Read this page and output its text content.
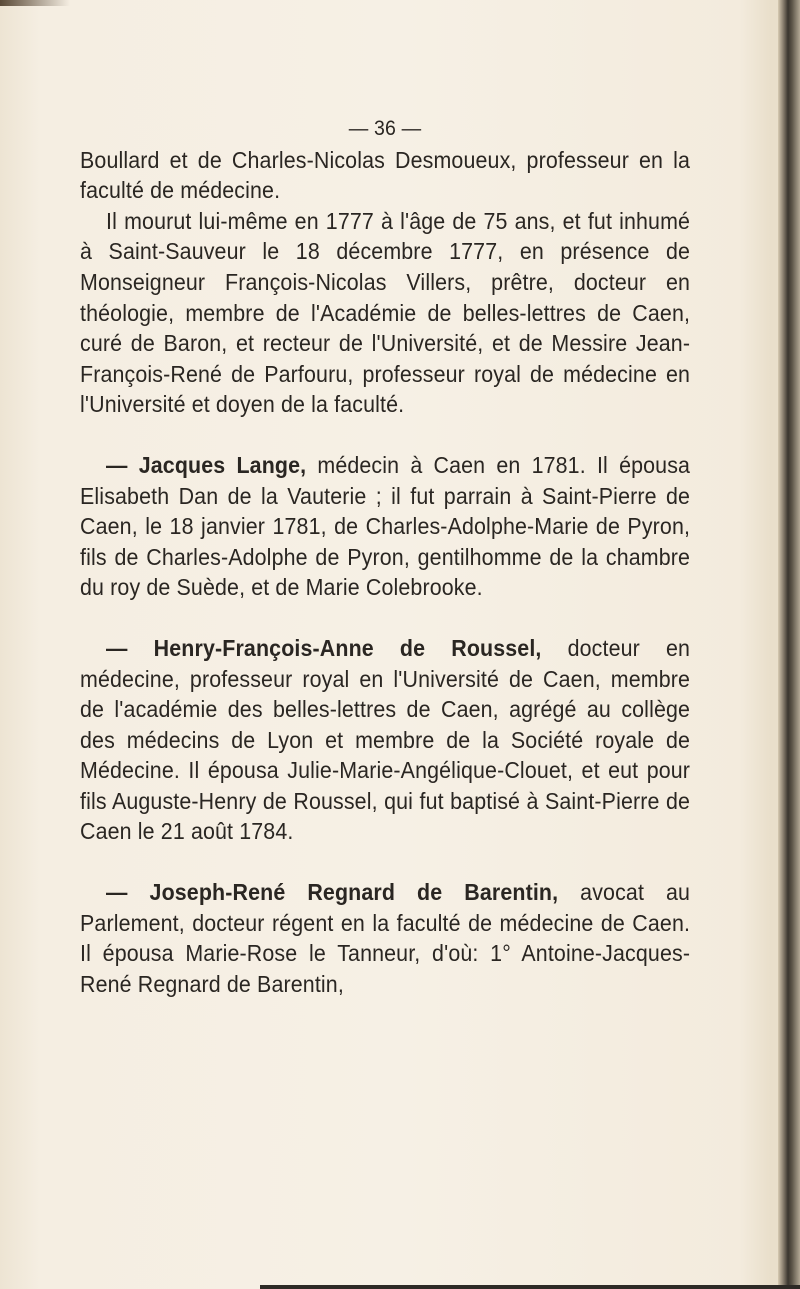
— 36 —

Boullard et de Charles-Nicolas Desmoueux, professeur en la faculté de médecine.

Il mourut lui-même en 1777 à l'âge de 75 ans, et fut inhumé à Saint-Sauveur le 18 décembre 1777, en présence de Monseigneur François-Nicolas Villers, prêtre, docteur en théologie, membre de l'Académie de belles-lettres de Caen, curé de Baron, et recteur de l'Université, et de Messire Jean-François-René de Parfouru, professeur royal de médecine en l'Université et doyen de la faculté.

— Jacques Lange, médecin à Caen en 1781. Il épousa Elisabeth Dan de la Vauterie ; il fut parrain à Saint-Pierre de Caen, le 18 janvier 1781, de Charles-Adolphe-Marie de Pyron, fils de Charles-Adolphe de Pyron, gentilhomme de la chambre du roy de Suède, et de Marie Colebrooke.

— Henry-François-Anne de Roussel, docteur en médecine, professeur royal en l'Université de Caen, membre de l'académie des belles-lettres de Caen, agrégé au collège des médecins de Lyon et membre de la Société royale de Médecine. Il épousa Julie-Marie-Angélique-Clouet, et eut pour fils Auguste-Henry de Roussel, qui fut baptisé à Saint-Pierre de Caen le 21 août 1784.

— Joseph-René Regnard de Barentin, avocat au Parlement, docteur régent en la faculté de médecine de Caen. Il épousa Marie-Rose le Tanneur, d'où: 1° Antoine-Jacques-René Regnard de Barentin,
